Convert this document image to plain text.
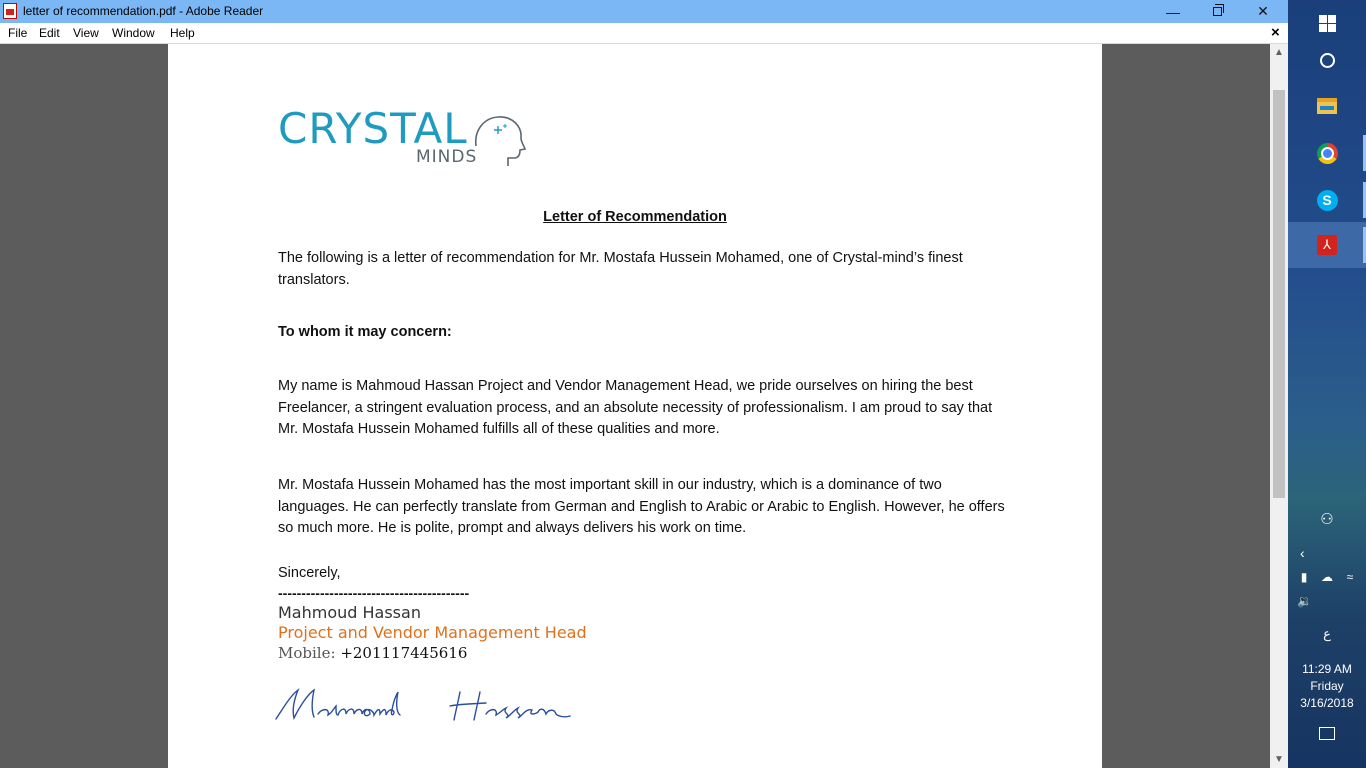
letter of recommendation.pdf - Adobe Reader	—	✕
File Edit View Window Help	×
CRYSTAL
MINDS
Letter of Recommendation
The following is a letter of recommendation for Mr. Mostafa Hussein Mohamed, one of Crystal-mind’s finest translators.
To whom it may concern:
My name is Mahmoud Hassan Project and Vendor Management Head, we pride ourselves on hiring the best Freelancer, a stringent evaluation process, and an absolute necessity of professionalism. I am proud to say that Mr. Mostafa Hussein Mohamed fulfills all of these qualities and more.
Mr. Mostafa Hussein Mohamed has the most important skill in our industry, which is a dominance of two languages. He can perfectly translate from German and English to Arabic or Arabic to English. However, he offers so much more. He is polite, prompt and always delivers his work on time.
Sincerely,
-----------------------------------------
Mahmoud Hassan
Project and Vendor Management Head
Mobile: +201117445616
Mahmoud Hassan
▲
▼
S
⅄
⚇
‹
▮ ☁ ≈
🔉
ع
11:29 AM
Friday
3/16/2018
